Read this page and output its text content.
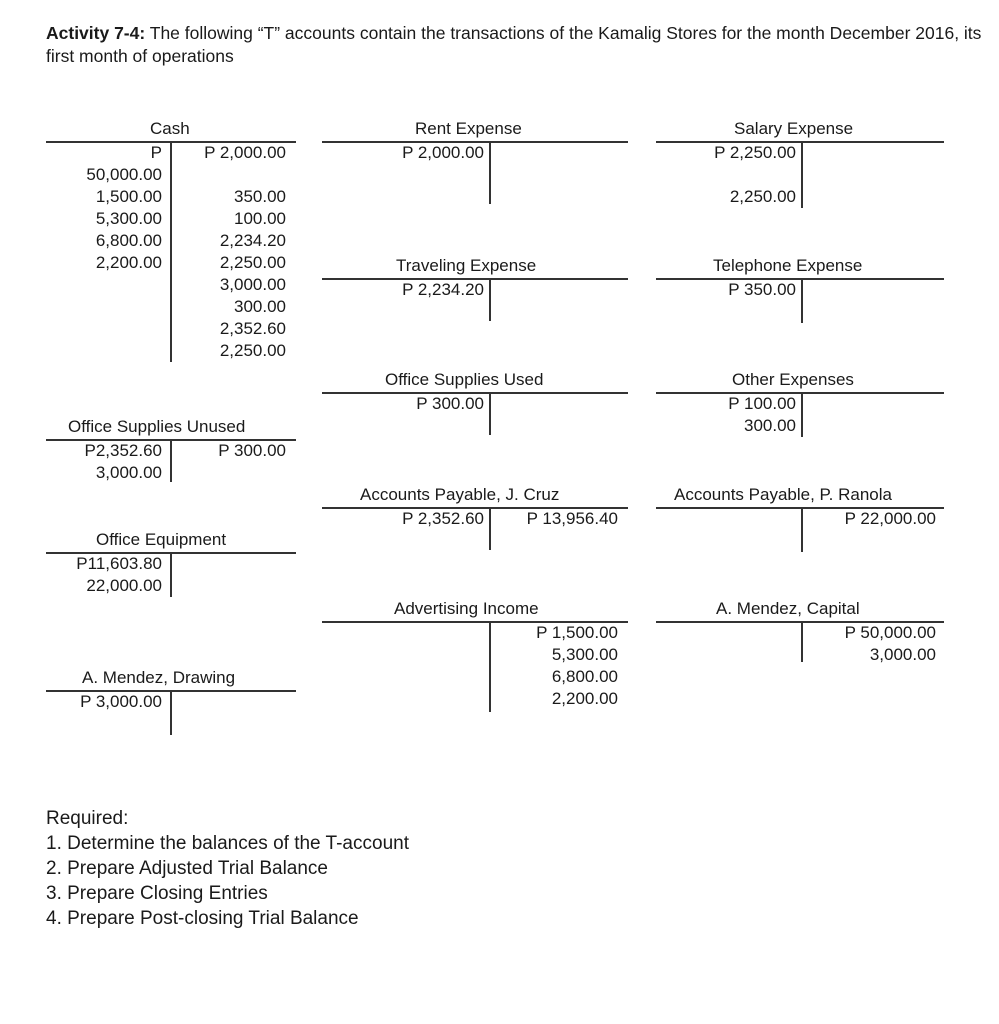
Activity 7-4: The following “T” accounts contain the transactions of the Kamalig Stores for the month December 2016, its first month of operations
Cash
P
50,000.00
1,500.00
5,300.00
6,800.00
2,200.00
P 2,000.00
350.00
100.00
2,234.20
2,250.00
3,000.00
300.00
2,352.60
2,250.00
Rent Expense
P 2,000.00
Salary Expense
P 2,250.00
2,250.00
Traveling Expense
P 2,234.20
Telephone Expense
P 350.00
Office Supplies Used
P 300.00
Other Expenses
P 100.00
300.00
Office Supplies Unused
P2,352.60
3,000.00
P 300.00
Accounts Payable, J. Cruz
P 2,352.60	P 13,956.40
Accounts Payable, P. Ranola
P 22,000.00
Office Equipment
P11,603.80
22,000.00
Advertising Income
P 1,500.00
5,300.00
6,800.00
2,200.00
A. Mendez, Capital
P 50,000.00
3,000.00
A. Mendez, Drawing
P 3,000.00
Required:
1. Determine the balances of the T-account
2. Prepare Adjusted Trial Balance
3. Prepare Closing Entries
4. Prepare Post-closing Trial Balance
